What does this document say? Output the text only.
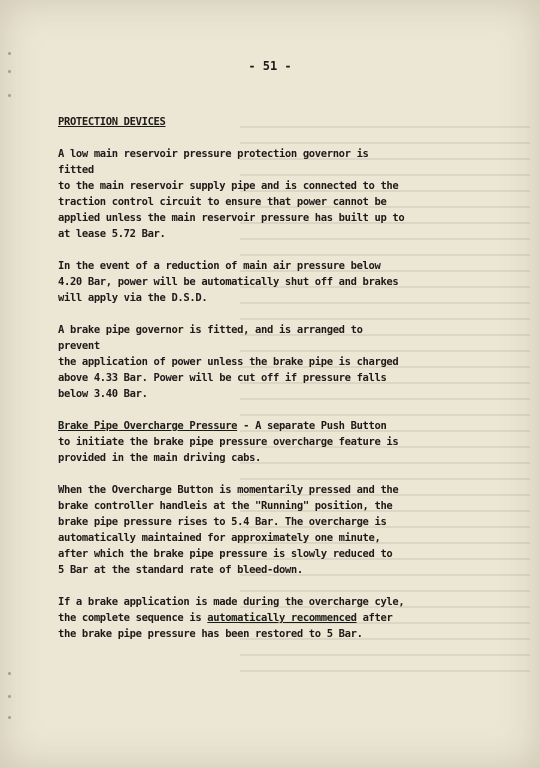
- 51 -
PROTECTION DEVICES
A low main reservoir pressure protection governor is fitted
to the main reservoir supply pipe and is connected to the
traction control circuit to ensure that power cannot be
applied unless the main reservoir pressure has built up to
at lease 5.72 Bar.
In the event of a reduction of main air pressure below
4.20 Bar, power will be automatically shut off and brakes
will apply via the D.S.D.
A brake pipe governor is fitted, and is arranged to prevent
the application of power unless the brake pipe is charged
above 4.33 Bar. Power will be cut off if pressure falls
below 3.40 Bar.
Brake Pipe Overcharge Pressure - A separate Push Button
to initiate the brake pipe pressure overcharge feature is
provided in the main driving cabs.
When the Overcharge Button is momentarily pressed and the
brake controller handleis at the "Running" position, the
brake pipe pressure rises to 5.4 Bar. The overcharge is
automatically maintained for approximately one minute,
after which the brake pipe pressure is slowly reduced to
5 Bar at the standard rate of bleed-down.
If a brake application is made during the overcharge cyle,
the complete sequence is automatically recommenced after
the brake pipe pressure has been restored to 5 Bar.
